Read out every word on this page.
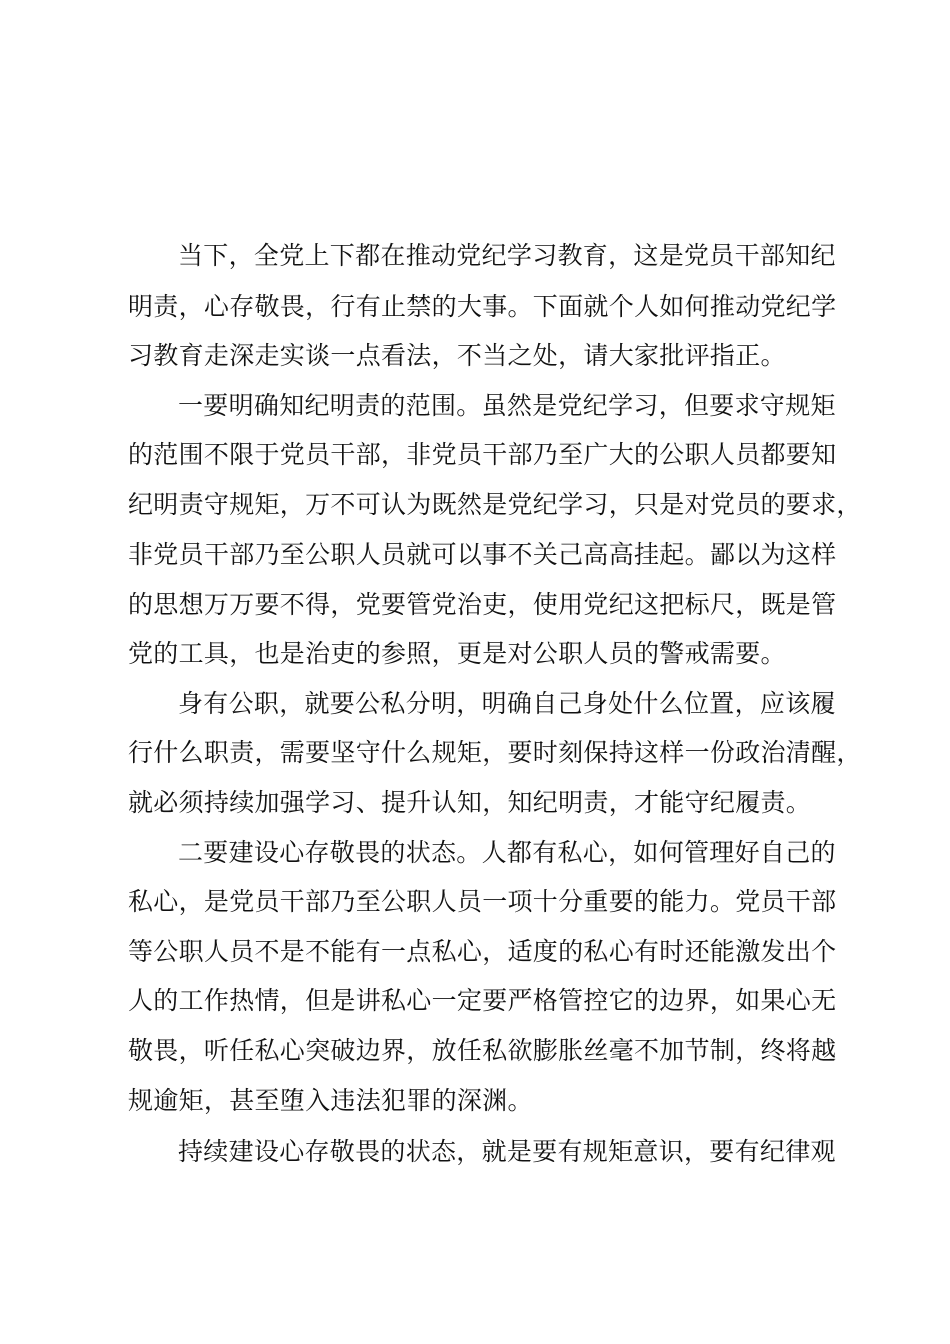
当下，全党上下都在推动党纪学习教育，这是党员干部知纪
明责，心存敬畏，行有止禁的大事。下面就个人如何推动党纪学
习教育走深走实谈一点看法，不当之处，请大家批评指正。
一要明确知纪明责的范围。虽然是党纪学习，但要求守规矩
的范围不限于党员干部，非党员干部乃至广大的公职人员都要知
纪明责守规矩，万不可认为既然是党纪学习，只是对党员的要求，
非党员干部乃至公职人员就可以事不关己高高挂起。鄙以为这样
的思想万万要不得，党要管党治吏，使用党纪这把标尺，既是管
党的工具，也是治吏的参照，更是对公职人员的警戒需要。
身有公职，就要公私分明，明确自己身处什么位置，应该履
行什么职责，需要坚守什么规矩，要时刻保持这样一份政治清醒，
就必须持续加强学习、提升认知，知纪明责，才能守纪履责。
二要建设心存敬畏的状态。人都有私心，如何管理好自己的
私心，是党员干部乃至公职人员一项十分重要的能力。党员干部
等公职人员不是不能有一点私心，适度的私心有时还能激发出个
人的工作热情，但是讲私心一定要严格管控它的边界，如果心无
敬畏，听任私心突破边界，放任私欲膨胀丝毫不加节制，终将越
规逾矩，甚至堕入违法犯罪的深渊。
持续建设心存敬畏的状态，就是要有规矩意识，要有纪律观
